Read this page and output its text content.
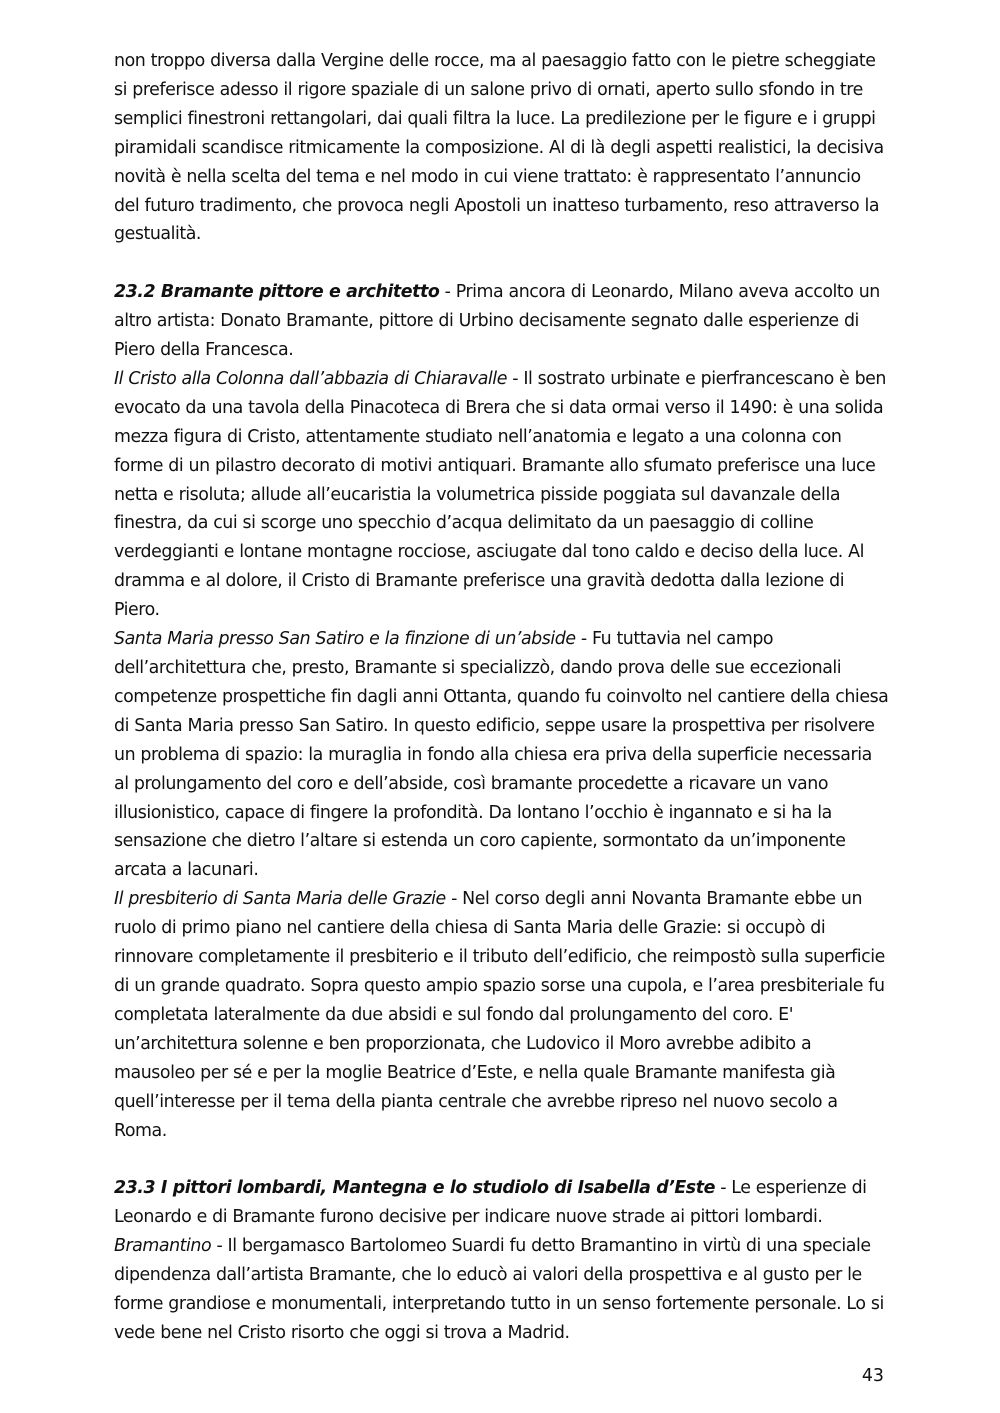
non troppo diversa dalla Vergine delle rocce, ma al paesaggio fatto con le pietre scheggiate si preferisce adesso il rigore spaziale di un salone privo di ornati, aperto sullo sfondo in tre semplici finestroni rettangolari, dai quali filtra la luce. La predilezione per le figure e i gruppi piramidali scandisce ritmicamente la composizione. Al di là degli aspetti realistici, la decisiva novità è nella scelta del tema e nel modo in cui viene trattato: è rappresentato l’annuncio del futuro tradimento, che provoca negli Apostoli un inatteso turbamento, reso attraverso la gestualità.

23.2 Bramante pittore e architetto - Prima ancora di Leonardo, Milano aveva accolto un altro artista: Donato Bramante, pittore di Urbino decisamente segnato dalle esperienze di Piero della Francesca.

Il Cristo alla Colonna dall’abbazia di Chiaravalle - Il sostrato urbinate e pierfrancescano è ben evocato da una tavola della Pinacoteca di Brera che si data ormai verso il 1490: è una solida mezza figura di Cristo, attentamente studiato nell’anatomia e legato a una colonna con forme di un pilastro decorato di motivi antiquari. Bramante allo sfumato preferisce una luce netta e risoluta; allude all’eucaristia la volumetrica pisside poggiata sul davanzale della finestra, da cui si scorge uno specchio d’acqua delimitato da un paesaggio di colline verdeggianti e lontane montagne rocciose, asciugate dal tono caldo e deciso della luce. Al dramma e al dolore, il Cristo di Bramante preferisce una gravità dedotta dalla lezione di Piero.

Santa Maria presso San Satiro e la finzione di un’abside - Fu tuttavia nel campo dell’architettura che, presto, Bramante si specializzò, dando prova delle sue eccezionali competenze prospettiche fin dagli anni Ottanta, quando fu coinvolto nel cantiere della chiesa di Santa Maria presso San Satiro. In questo edificio, seppe usare la prospettiva per risolvere un problema di spazio: la muraglia in fondo alla chiesa era priva della superficie necessaria al prolungamento del coro e dell’abside, così bramante procedette a ricavare un vano illusionistico, capace di fingere la profondità. Da lontano l’occhio è ingannato e si ha la sensazione che dietro l’altare si estenda un coro capiente, sormontato da un’imponente arcata a lacunari.

Il presbiterio di Santa Maria delle Grazie - Nel corso degli anni Novanta Bramante ebbe un ruolo di primo piano nel cantiere della chiesa di Santa Maria delle Grazie: si occupò di rinnovare completamente il presbiterio e il tributo dell’edificio, che reimpostò sulla superficie di un grande quadrato. Sopra questo ampio spazio sorse una cupola, e l’area presbiteriale fu completata lateralmente da due absidi e sul fondo dal prolungamento del coro. E' un’architettura solenne e ben proporzionata, che Ludovico il Moro avrebbe adibito a mausoleo per sé e per la moglie Beatrice d’Este, e nella quale Bramante manifesta già quell’interesse per il tema della pianta centrale che avrebbe ripreso nel nuovo secolo a Roma.

23.3 I pittori lombardi, Mantegna e lo studiolo di Isabella d’Este - Le esperienze di Leonardo e di Bramante furono decisive per indicare nuove strade ai pittori lombardi.

Bramantino - Il bergamasco Bartolomeo Suardi fu detto Bramantino in virtù di una speciale dipendenza dall’artista Bramante, che lo educò ai valori della prospettiva e al gusto per le forme grandiose e monumentali, interpretando tutto in un senso fortemente personale. Lo si vede bene nel Cristo risorto che oggi si trova a Madrid.

43
